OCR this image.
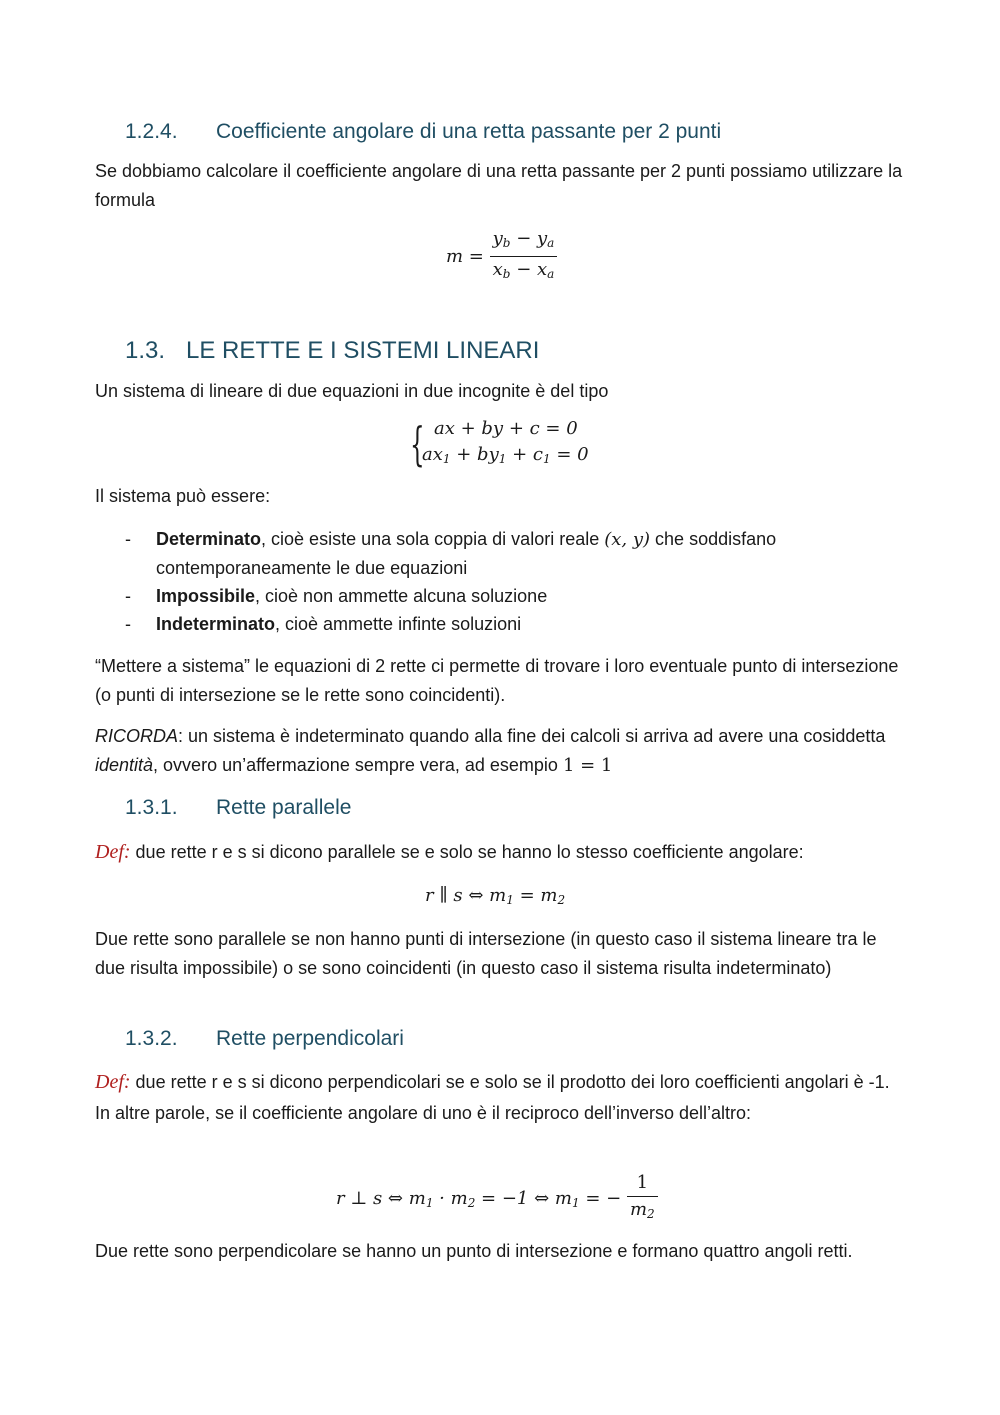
1.2.4. Coefficiente angolare di una retta passante per 2 punti
Se dobbiamo calcolare il coefficiente angolare di una retta passante per 2 punti possiamo utilizzare la formula
$m = \frac{y_b - y_a}{x_b - x_a}$
1.3. LE RETTE E I SISTEMI LINEARI
Un sistema di lineare di due equazioni in due incognite è del tipo
{ ax + by + c = 0
$ax_1 + by_1 + c_1 = 0$
Il sistema può essere:
- Determinato, cioè esiste una sola coppia di valori reale (x, y) che soddisfano contemporaneamente le due equazioni
- Impossibile, cioè non ammette alcuna soluzione
- Indeterminato, cioè ammette infinte soluzioni
“Mettere a sistema” le equazioni di 2 rette ci permette di trovare i loro eventuale punto di intersezione (o punti di intersezione se le rette sono coincidenti).
RICORDA: un sistema è indeterminato quando alla fine dei calcoli si arriva ad avere una cosiddetta identità, ovvero un’affermazione sempre vera, ad esempio 1 = 1
1.3.1. Rette parallele
Def: due rette r e s si dicono parallele se e solo se hanno lo stesso coefficiente angolare:
r ∥ s ⇔ $m_1 = m_2$
Due rette sono parallele se non hanno punti di intersezione (in questo caso il sistema lineare tra le due risulta impossibile) o se sono coincidenti (in questo caso il sistema risulta indeterminato)
1.3.2. Rette perpendicolari
Def: due rette r e s si dicono perpendicolari se e solo se il prodotto dei loro coefficienti angolari è -1. In altre parole, se il coefficiente angolare di uno è il reciproco dell’inverso dell’altro:
r ⊥ s ⇔ $m_1 \cdot m_2 = -1$ ⇔ $m_1$ = − $\frac{1}{m_2}$
Due rette sono perpendicolare se hanno un punto di intersezione e formano quattro angoli retti.
